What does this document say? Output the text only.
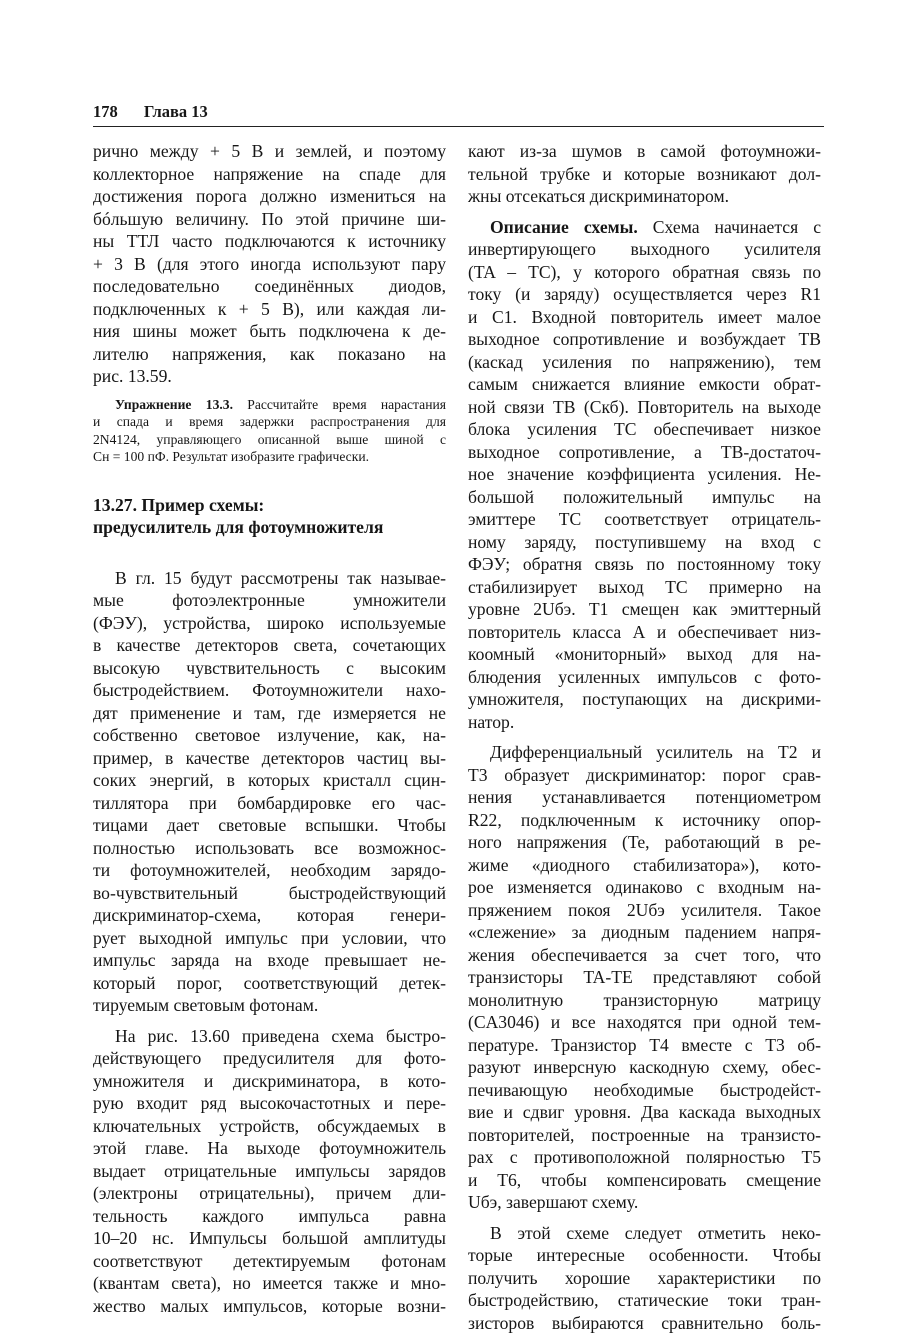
178 Глава 13
рично между + 5 В и землей, и поэтому
коллекторное напряжение на спаде для
достижения порога должно измениться на
бóльшую величину. По этой причине ши-
ны ТТЛ часто подключаются к источнику
+ 3 В (для этого иногда используют пару
последовательно соединённых диодов,
подключенных к + 5 В), или каждая ли-
ния шины может быть подключена к де-
лителю напряжения, как показано на
рис. 13.59.
Упражнение 13.3. Рассчитайте время нарастания
и спада и время задержки распространения для
2N4124, управляющего описанной выше шиной с
Cн = 100 пФ. Результат изобразите графически.
13.27. Пример схемы:
предусилитель для фотоумножителя
В гл. 15 будут рассмотрены так называе-
мые фотоэлектронные умножители
(ФЭУ), устройства, широко используемые
в качестве детекторов света, сочетающих
высокую чувствительность с высоким
быстродействием. Фотоумножители нахо-
дят применение и там, где измеряется не
собственно световое излучение, как, на-
пример, в качестве детекторов частиц вы-
соких энергий, в которых кристалл сцин-
тиллятора при бомбардировке его час-
тицами дает световые вспышки. Чтобы
полностью использовать все возможнос-
ти фотоумножителей, необходим зарядо-
во-чувствительный быстродействующий
дискриминатор-схема, которая генери-
рует выходной импульс при условии, что
импульс заряда на входе превышает не-
который порог, соответствующий детек-
тируемым световым фотонам.
На рис. 13.60 приведена схема быстро-
действующего предусилителя для фото-
умножителя и дискриминатора, в кото-
рую входит ряд высокочастотных и пере-
ключательных устройств, обсуждаемых в
этой главе. На выходе фотоумножитель
выдает отрицательные импульсы зарядов
(электроны отрицательны), причем дли-
тельность каждого импульса равна
10–20 нс. Импульсы большой амплитуды
соответствуют детектируемым фотонам
(квантам света), но имеется также и мно-
жество малых импульсов, которые возни-
кают из-за шумов в самой фотоумножи-
тельной трубке и которые возникают дол-
жны отсекаться дискриминатором.
Описание схемы. Схема начинается с
инвертирующего выходного усилителя
(TA – TC), у которого обратная связь по
току (и заряду) осуществляется через R1
и C1. Входной повторитель имеет малое
выходное сопротивление и возбуждает TB
(каскад усиления по напряжению), тем
самым снижается влияние емкости обрат-
ной связи TB (Cкб). Повторитель на выходе
блока усиления TC обеспечивает низкое
выходное сопротивление, а TB-достаточ-
ное значение коэффициента усиления. Не-
большой положительный импульс на
эмиттере TC соответствует отрицатель-
ному заряду, поступившему на вход с
ФЭУ; обратня связь по постоянному току
стабилизирует выход TC примерно на
уровне 2Uбэ. T1 смещен как эмиттерный
повторитель класса А и обеспечивает низ-
коомный «мониторный» выход для на-
блюдения усиленных импульсов с фото-
умножителя, поступающих на дискрими-
натор.
Дифференциальный усилитель на T2 и
T3 образует дискриминатор: порог срав-
нения устанавливается потенциометром
R22, подключенным к источнику опор-
ного напряжения (Te, работающий в ре-
жиме «диодного стабилизатора»), кото-
рое изменяется одинаково с входным на-
пряжением покоя 2Uбэ усилителя. Такое
«слежение» за диодным падением напря-
жения обеспечивается за счет того, что
транзисторы TA-TE представляют собой
монолитную транзисторную матрицу
(CA3046) и все находятся при одной тем-
пературе. Транзистор T4 вместе с T3 об-
разуют инверсную каскодную схему, обес-
печивающую необходимые быстродейст-
вие и сдвиг уровня. Два каскада выходных
повторителей, построенные на транзисто-
рах с противоположной полярностью T5
и T6, чтобы компенсировать смещение
Uбэ, завершают схему.
В этой схеме следует отметить неко-
торые интересные особенности. Чтобы
получить хорошие характеристики по
быстродействию, статические токи тран-
зисторов выбираются сравнительно боль-
